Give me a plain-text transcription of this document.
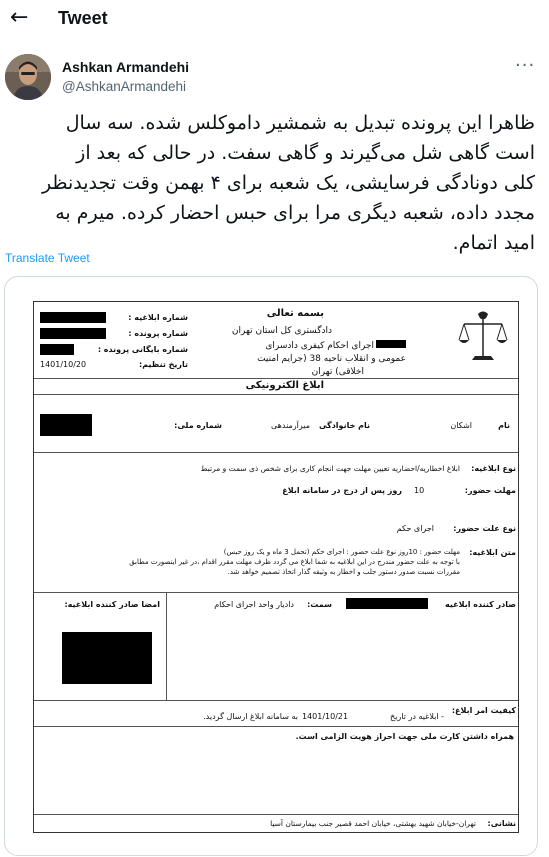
← Tweet
Ashkan Armandehi
@AshkanArmandehi
···
ظاهرا این پرونده تبدیل به شمشیر داموکلس شده. سه سال
است گاهی شل می‌گیرند و گاهی سفت. در حالی که بعد از
کلی دونادگی فرسایشی، یک شعبه برای ۴ بهمن وقت تجدیدنظر
مجدد داده، شعبه دیگری مرا برای حبس احضار کرده. میرم به
امید اتمام.
Translate Tweet
بسمه تعالی
دادگستری کل استان تهران
اجرای احکام کیفری دادسرای
عمومی و انقلاب ناحیه 38 (جرایم امنیت
اخلاقی) تهران
شماره ابلاغیه :
شماره پرونده :
شماره بایگانی پرونده :
1401/10/20	تاریخ تنظیم:
ابلاغ الکترونیکی
نام
اشکان
نام خانوادگی
میرآرمندهی
شماره ملی:
نوع ابلاغیه:
ابلاغ اخطاریه/احضاریه تعیین مهلت جهت انجام کاری برای شخص ذی سمت و مرتبط
مهلت حضور:
10
روز پس از درج در سامانه ابلاغ
نوع علت حضور:
اجرای حکم
متن ابلاغیه:
مهلت حضور : 10روز نوع علت حضور : اجرای حکم (تحمل 3 ماه و یک روز حبس)
با توجه به علت حضور مندرج در این ابلاغیه به شما ابلاغ می گردد ظرف مهلت مقرر اقدام ،در غیر اینصورت مطابق
مقررات نسبت صدور دستور جلب و اخطار به وثیقه گذار اتخاذ تصمیم خواهد شد.
صادر کننده ابلاغیه
سمت:
دادیار واحد اجرای احکام
امضا صادر کننده ابلاغیه:
کیفیت امر ابلاغ:
- ابلاغیه در تاریخ
1401/10/21
به سامانه ابلاغ ارسال گردید.
همراه داشتن کارت ملی جهت احراز هویت الزامی است.
نشانی:
تهران-خیابان شهید بهشتی، خیابان احمد قصیر جنب بیمارستان آسیا
